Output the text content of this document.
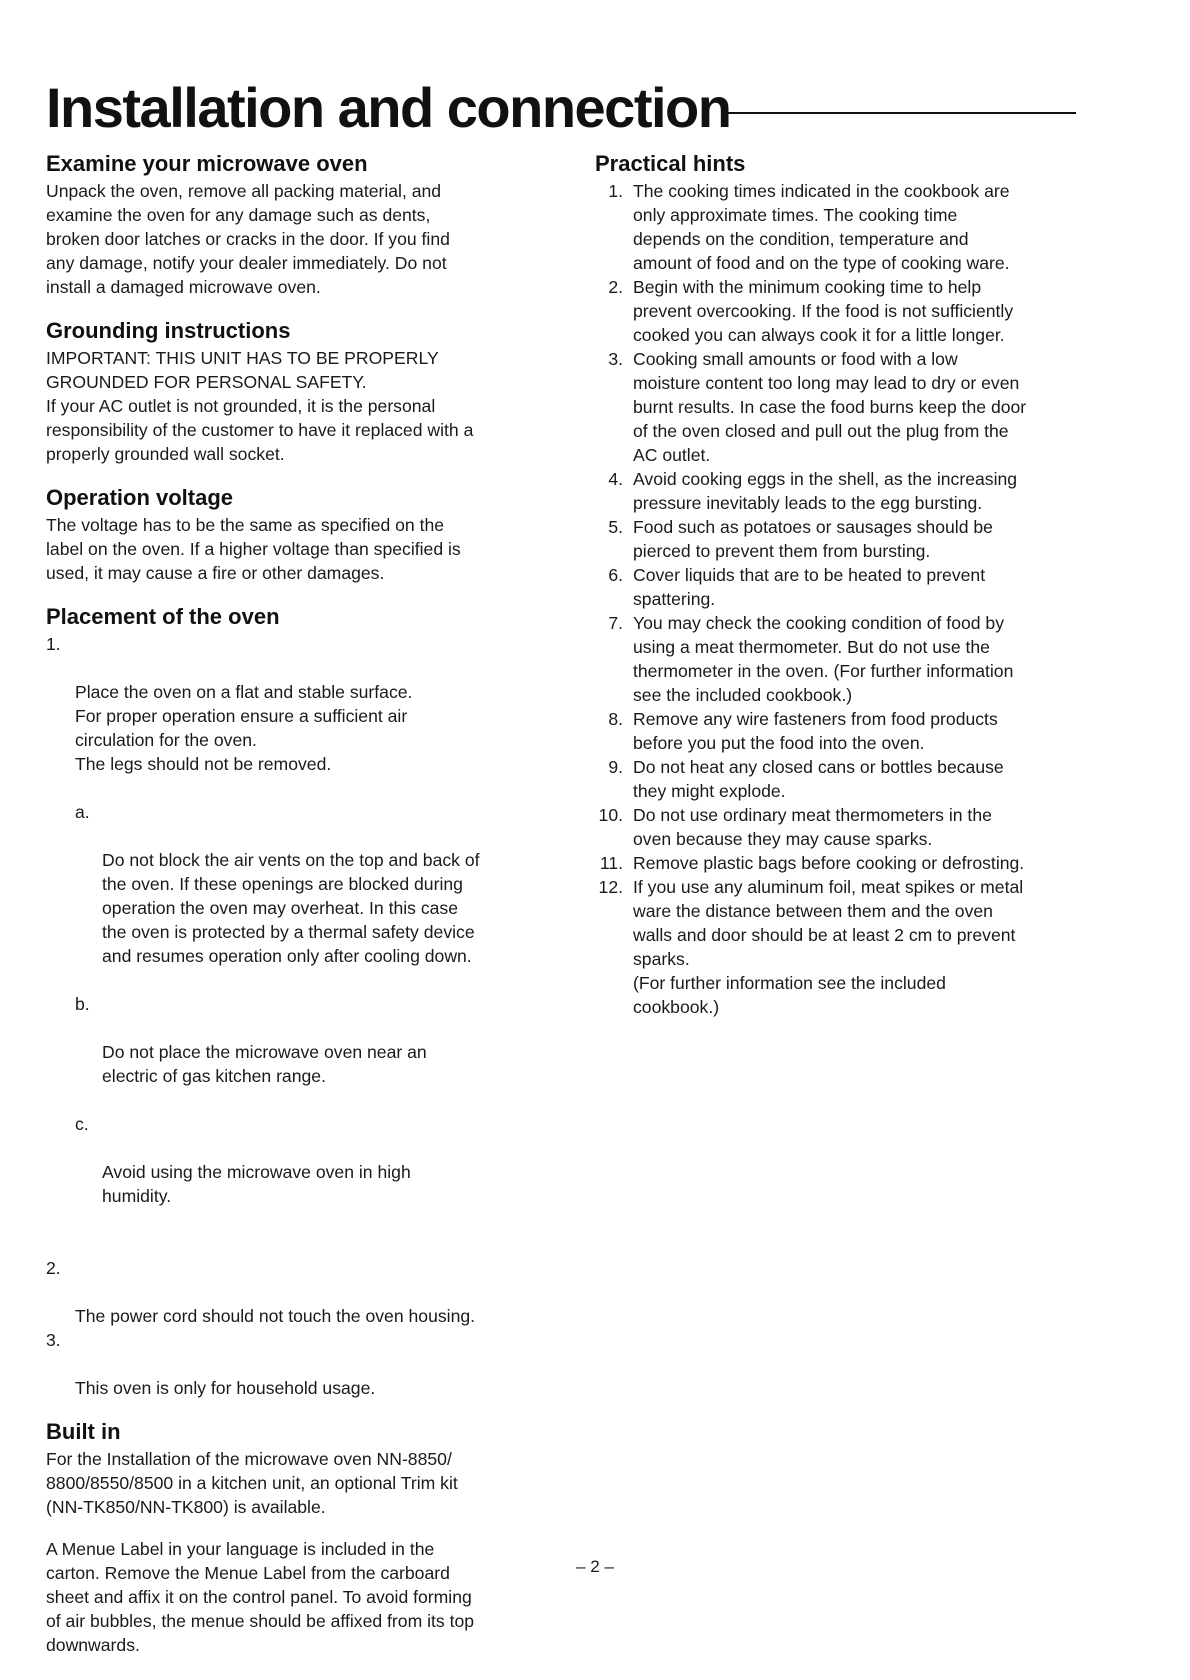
Installation and connection
Examine your microwave oven

Unpack the oven, remove all packing material, and
examine the oven for any damage such as dents,
broken door latches or cracks in the door. If you find
any damage, notify your dealer immediately. Do not
install a damaged microwave oven.

Grounding instructions

IMPORTANT: THIS UNIT HAS TO BE PROPERLY
GROUNDED FOR PERSONAL SAFETY.
If your AC outlet is not grounded, it is the personal
responsibility of the customer to have it replaced with a
properly grounded wall socket.

Operation voltage

The voltage has to be the same as specified on the
label on the oven. If a higher voltage than specified is
used, it may cause a fire or other damages.

Placement of the oven

1.

Place the oven on a flat and stable surface.
For proper operation ensure a sufficient air
circulation for the oven.
The legs should not be removed.

a.

Do not block the air vents on the top and back of
the oven. If these openings are blocked during
operation the oven may overheat. In this case
the oven is protected by a thermal safety device
and resumes operation only after cooling down.

b.

Do not place the microwave oven near an
electric of gas kitchen range.

c.

Avoid using the microwave oven in high
humidity.

2.

The power cord should not touch the oven housing.

3.

This oven is only for household usage.

Built in

For the Installation of the microwave oven NN-8850/
8800/8550/8500 in a kitchen unit, an optional Trim kit
(NN-TK850/NN-TK800) is available.

A Menue Label in your language is included in the
carton. Remove the Menue Label from the carboard
sheet and affix it on the control panel. To avoid forming
of air bubbles, the menue should be affixed from its top
downwards.

Practical hints
1. The cooking times indicated in the cookbook are
only approximate times. The cooking time
depends on the condition, temperature and
amount of food and on the type of cooking ware.
2. Begin with the minimum cooking time to help
prevent overcooking. If the food is not sufficiently
cooked you can always cook it for a little longer.
3. Cooking small amounts or food with a low
moisture content too long may lead to dry or even
burnt results. In case the food burns keep the door
of the oven closed and pull out the plug from the
AC outlet.
4. Avoid cooking eggs in the shell, as the increasing
pressure inevitably leads to the egg bursting.
5. Food such as potatoes or sausages should be
pierced to prevent them from bursting.
6. Cover liquids that are to be heated to prevent
spattering.
7. You may check the cooking condition of food by
using a meat thermometer. But do not use the
thermometer in the oven. (For further information
see the included cookbook.)
8. Remove any wire fasteners from food products
before you put the food into the oven.
9. Do not heat any closed cans or bottles because
they might explode.
10. Do not use ordinary meat thermometers in the
oven because they may cause sparks.
11. Remove plastic bags before cooking or defrosting.
12. If you use any aluminum foil, meat spikes or metal
ware the distance between them and the oven
walls and door should be at least 2 cm to prevent
sparks.
(For further information see the included
cookbook.)
– 2 –
